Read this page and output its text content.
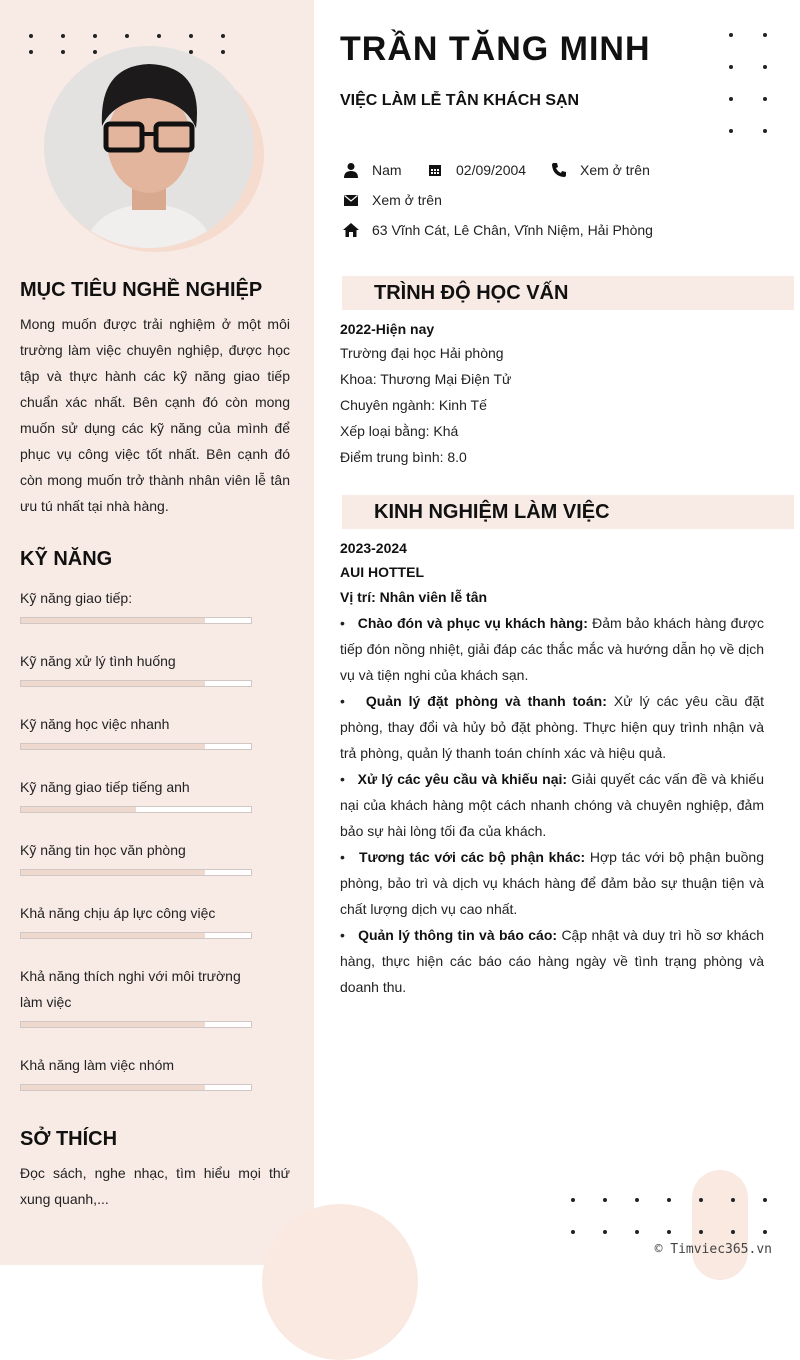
MỤC TIÊU NGHỀ NGHIỆP
Mong muốn được trải nghiệm ở một môi trường làm việc chuyên nghiệp, được học tập và thực hành các kỹ năng giao tiếp chuẩn xác nhất. Bên cạnh đó còn mong muốn sử dụng các kỹ năng của mình để phục vụ công việc tốt nhất. Bên cạnh đó còn mong muốn trở thành nhân viên lễ tân ưu tú nhất tại nhà hàng.
KỸ NĂNG
Kỹ năng giao tiếp:
Kỹ năng xử lý tình huống
Kỹ năng học việc nhanh
Kỹ năng giao tiếp tiếng anh
Kỹ năng tin học văn phòng
Khả năng chịu áp lực công việc
Khả năng thích nghi với môi trường làm việc
Khả năng làm việc nhóm
SỞ THÍCH
Đọc sách, nghe nhạc, tìm hiểu mọi thứ xung quanh,...
TRẦN TĂNG MINH
VIỆC LÀM LỄ TÂN KHÁCH SẠN
Nam	02/09/2004	Xem ở trên
Xem ở trên
63 Vĩnh Cát, Lê Chân, Vĩnh Niệm, Hải Phòng
TRÌNH ĐỘ HỌC VẤN
2022-Hiện nay
Trường đại học Hải phòng
Khoa: Thương Mại Điện Tử
Chuyên ngành: Kinh Tế
Xếp loại bằng: Khá
Điểm trung bình: 8.0
KINH NGHIỆM LÀM VIỆC
2023-2024
AUI HOTTEL
Vị trí: Nhân viên lễ tân
•   Chào đón và phục vụ khách hàng: Đảm bảo khách hàng được tiếp đón nồng nhiệt, giải đáp các thắc mắc và hướng dẫn họ về dịch vụ và tiện nghi của khách sạn.
•   Quản lý đặt phòng và thanh toán: Xử lý các yêu cầu đặt phòng, thay đổi và hủy bỏ đặt phòng. Thực hiện quy trình nhận và trả phòng, quản lý thanh toán chính xác và hiệu quả.
•   Xử lý các yêu cầu và khiếu nại: Giải quyết các vấn đề và khiếu nại của khách hàng một cách nhanh chóng và chuyên nghiệp, đảm bảo sự hài lòng tối đa của khách.
•   Tương tác với các bộ phận khác: Hợp tác với bộ phận buồng phòng, bảo trì và dịch vụ khách hàng để đảm bảo sự thuận tiện và chất lượng dịch vụ cao nhất.
•   Quản lý thông tin và báo cáo: Cập nhật và duy trì hồ sơ khách hàng, thực hiện các báo cáo hàng ngày về tình trạng phòng và doanh thu.
© Timviec365.vn
